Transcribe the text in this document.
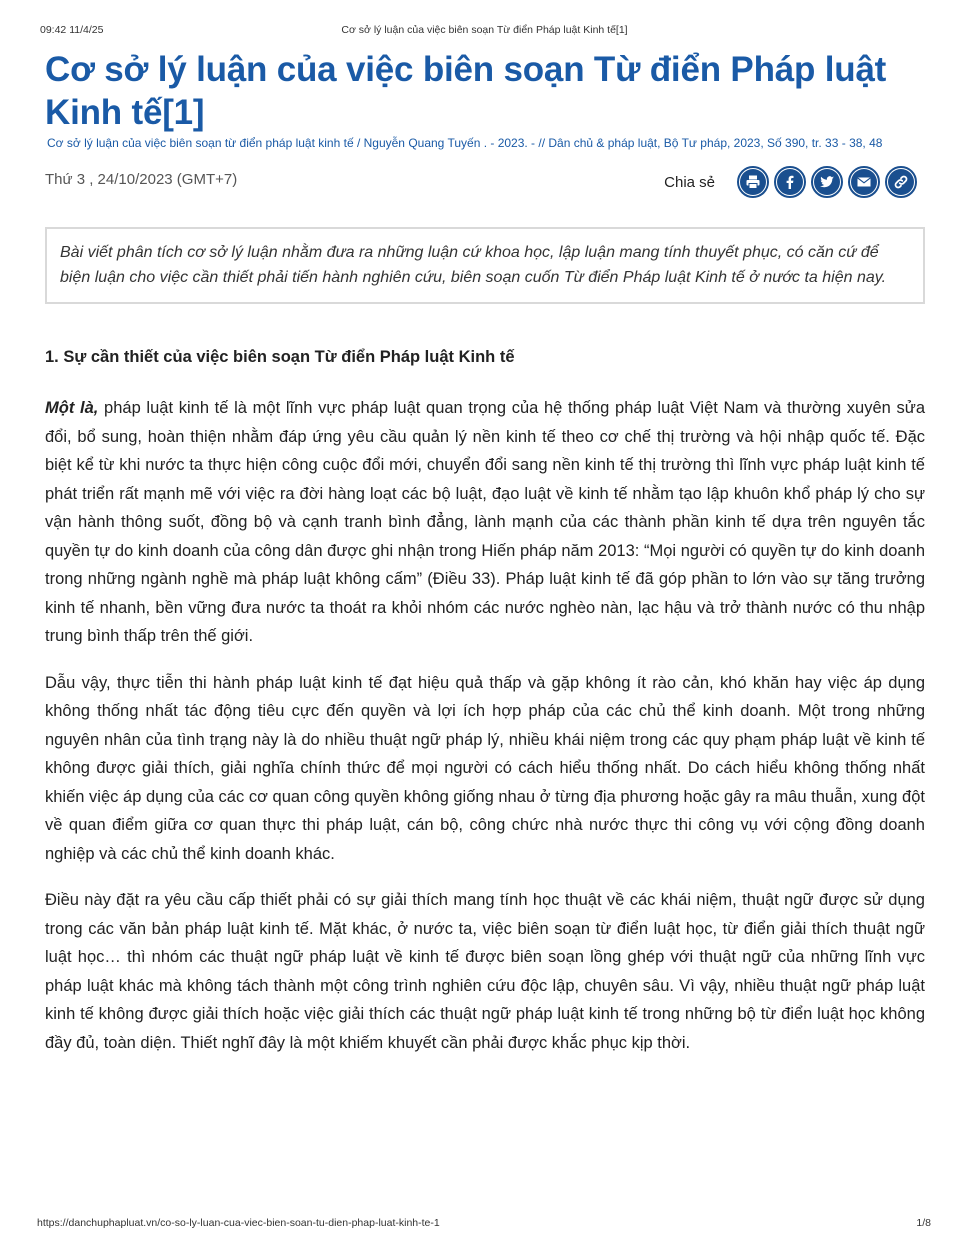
09:42 11/4/25	Cơ sở lý luận của việc biên soạn Từ điển Pháp luật Kinh tế[1]
Cơ sở lý luận của việc biên soạn Từ điển Pháp luật Kinh tế[1]
Cơ sở lý luận của việc biên soạn từ điển pháp luật kinh tế / Nguyễn Quang Tuyến . - 2023. - // Dân chủ & pháp luật, Bộ Tư pháp, 2023, Số 390, tr. 33 - 38, 48
Thứ 3 , 24/10/2023 (GMT+7)	Chia sẻ
Bài viết phân tích cơ sở lý luận nhằm đưa ra những luận cứ khoa học, lập luận mang tính thuyết phục, có căn cứ để biện luận cho việc cần thiết phải tiến hành nghiên cứu, biên soạn cuốn Từ điển Pháp luật Kinh tế ở nước ta hiện nay.
1. Sự cần thiết của việc biên soạn Từ điển Pháp luật Kinh tế

Một là, pháp luật kinh tế là một lĩnh vực pháp luật quan trọng của hệ thống pháp luật Việt Nam và thường xuyên sửa đổi, bổ sung, hoàn thiện nhằm đáp ứng yêu cầu quản lý nền kinh tế theo cơ chế thị trường và hội nhập quốc tế. Đặc biệt kể từ khi nước ta thực hiện công cuộc đổi mới, chuyển đổi sang nền kinh tế thị trường thì lĩnh vực pháp luật kinh tế phát triển rất mạnh mẽ với việc ra đời hàng loạt các bộ luật, đạo luật về kinh tế nhằm tạo lập khuôn khổ pháp lý cho sự vận hành thông suốt, đồng bộ và cạnh tranh bình đẳng, lành mạnh của các thành phần kinh tế dựa trên nguyên tắc quyền tự do kinh doanh của công dân được ghi nhận trong Hiến pháp năm 2013: “Mọi người có quyền tự do kinh doanh trong những ngành nghề mà pháp luật không cấm” (Điều 33). Pháp luật kinh tế đã góp phần to lớn vào sự tăng trưởng kinh tế nhanh, bền vững đưa nước ta thoát ra khỏi nhóm các nước nghèo nàn, lạc hậu và trở thành nước có thu nhập trung bình thấp trên thế giới.

Dẫu vậy, thực tiễn thi hành pháp luật kinh tế đạt hiệu quả thấp và gặp không ít rào cản, khó khăn hay việc áp dụng không thống nhất tác động tiêu cực đến quyền và lợi ích hợp pháp của các chủ thể kinh doanh. Một trong những nguyên nhân của tình trạng này là do nhiều thuật ngữ pháp lý, nhiều khái niệm trong các quy phạm pháp luật về kinh tế không được giải thích, giải nghĩa chính thức để mọi người có cách hiểu thống nhất. Do cách hiểu không thống nhất khiến việc áp dụng của các cơ quan công quyền không giống nhau ở từng địa phương hoặc gây ra mâu thuẫn, xung đột về quan điểm giữa cơ quan thực thi pháp luật, cán bộ, công chức nhà nước thực thi công vụ với cộng đồng doanh nghiệp và các chủ thể kinh doanh khác.

Điều này đặt ra yêu cầu cấp thiết phải có sự giải thích mang tính học thuật về các khái niệm, thuật ngữ được sử dụng trong các văn bản pháp luật kinh tế. Mặt khác, ở nước ta, việc biên soạn từ điển luật học, từ điển giải thích thuật ngữ luật học… thì nhóm các thuật ngữ pháp luật về kinh tế được biên soạn lồng ghép với thuật ngữ của những lĩnh vực pháp luật khác mà không tách thành một công trình nghiên cứu độc lập, chuyên sâu. Vì vậy, nhiều thuật ngữ pháp luật kinh tế không được giải thích hoặc việc giải thích các thuật ngữ pháp luật kinh tế trong những bộ từ điển luật học không đầy đủ, toàn diện. Thiết nghĩ đây là một khiếm khuyết cần phải được khắc phục kịp thời.

https://danchuphapluat.vn/co-so-ly-luan-cua-viec-bien-soan-tu-dien-phap-luat-kinh-te-1	1/8
